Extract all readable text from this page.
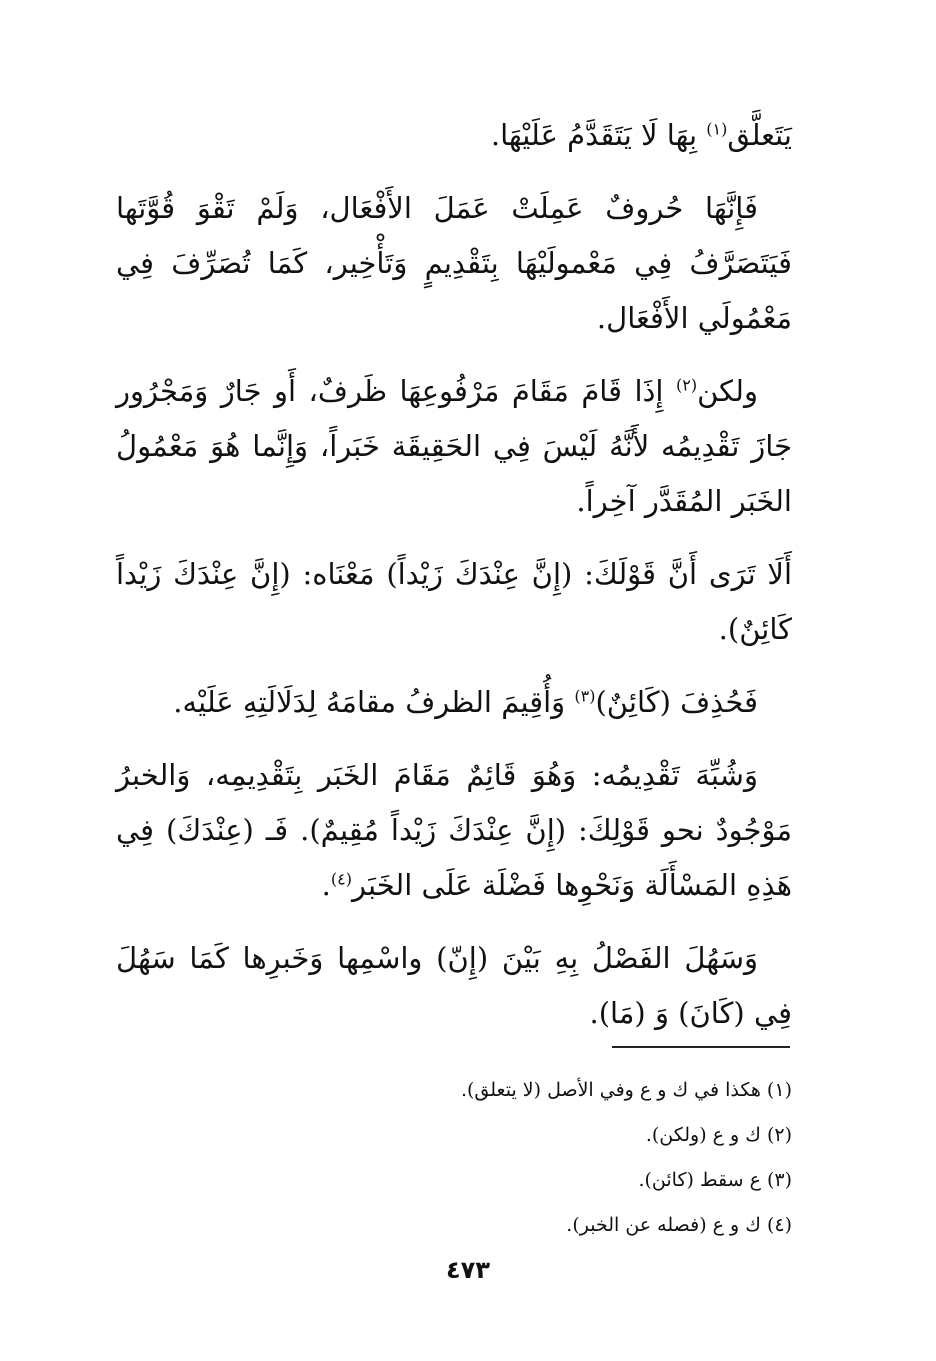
يَتَعلَّق$^{(١)}$ بِهَا لَا يَتَقَدَّمُ عَلَيْهَا.

فَإِنَّهَا حُروفٌ عَمِلَتْ عَمَلَ الأَفْعَال، وَلَمْ تَقْوَ قُوَّتَها فَيَتَصَرَّفُ فِي مَعْمولَيْهَا بِتَقْدِيمٍ وَتَأْخِير، كَمَا تُصَرِّفَ فِي مَعْمُولَي الأَفْعَال.

ولكن$^{(٢)}$ إِذَا قَامَ مَقَامَ مَرْفُوعِهَا ظَرفٌ، أَو جَارٌ وَمَجْرُور جَازَ تَقْدِيمُه لأَنَّهُ لَيْسَ فِي الحَقِيقَة خَبَراً، وَإِنَّما هُوَ مَعْمُولُ الخَبَر المُقَدَّر آخِراً.

أَلَا تَرَى أَنَّ قَوْلَكَ: (إِنَّ عِنْدَكَ زَيْداً) مَعْنَاه: (إِنَّ عِنْدَكَ زَيْداً كَائِنٌ).

فَحُذِفَ (كَائِنٌ)$^{(٣)}$ وَأُقِيمَ الظرفُ مقامَهُ لِدَلَالَتِهِ عَلَيْه.

وَشُبِّهَ تَقْدِيمُه: وَهُوَ قَائِمٌ مَقَامَ الخَبَر بِتَقْدِيمِه، وَالخبرُ مَوْجُودٌ نحو قَوْلِكَ: (إِنَّ عِنْدَكَ زَيْداً مُقِيمٌ). فَـ (عِنْدَكَ) فِي هَذِهِ المَسْأَلَة وَنَحْوِها فَضْلَة عَلَى الخَبَر$^{(٤)}$.

وَسَهُلَ الفَصْلُ بِهِ بَيْنَ (إِنّ) واسْمِها وَخَبرِها كَمَا سَهُلَ فِي (كَانَ) وَ (مَا).

(١) هكذا في ك و ع وفي الأصل (لا يتعلق).
(٢) ك و ع (ولكن).
(٣) ع سقط (كائن).
(٤) ك و ع (فصله عن الخبر).
٤٧٣
